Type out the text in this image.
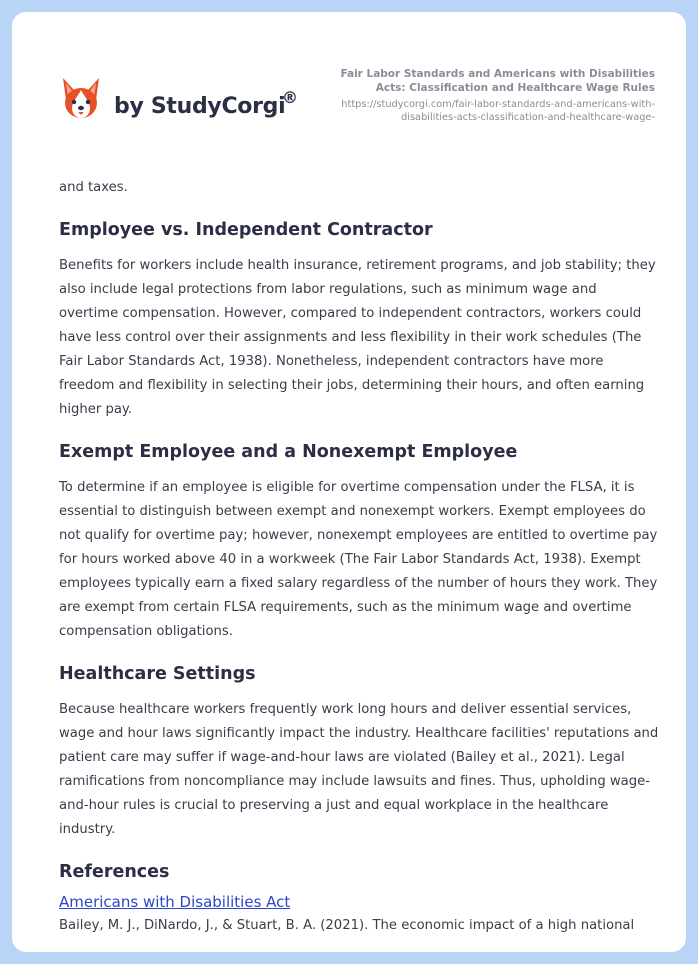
by StudyCorgi
®
Fair Labor Standards and Americans with Disabilities Acts: Classification and Healthcare Wage Rules
https://studycorgi.com/fair-labor-standards-and-americans-with-disabilities-acts-classification-and-healthcare-wage-

and taxes.

Employee vs. Independent Contractor

Benefits for workers include health insurance, retirement programs, and job stability; they also include legal protections from labor regulations, such as minimum wage and overtime compensation. However, compared to independent contractors, workers could have less control over their assignments and less flexibility in their work schedules (The Fair Labor Standards Act, 1938). Nonetheless, independent contractors have more freedom and flexibility in selecting their jobs, determining their hours, and often earning higher pay.

Exempt Employee and a Nonexempt Employee

To determine if an employee is eligible for overtime compensation under the FLSA, it is essential to distinguish between exempt and nonexempt workers. Exempt employees do not qualify for overtime pay; however, nonexempt employees are entitled to overtime pay for hours worked above 40 in a workweek (The Fair Labor Standards Act, 1938). Exempt employees typically earn a fixed salary regardless of the number of hours they work. They are exempt from certain FLSA requirements, such as the minimum wage and overtime compensation obligations.

Healthcare Settings

Because healthcare workers frequently work long hours and deliver essential services, wage and hour laws significantly impact the industry. Healthcare facilities' reputations and patient care may suffer if wage-and-hour laws are violated (Bailey et al., 2021). Legal ramifications from noncompliance may include lawsuits and fines. Thus, upholding wage-and-hour rules is crucial to preserving a just and equal workplace in the healthcare industry.

References
Americans with Disabilities Act

Bailey, M. J., DiNardo, J., & Stuart, B. A. (2021). The economic impact of a high national
